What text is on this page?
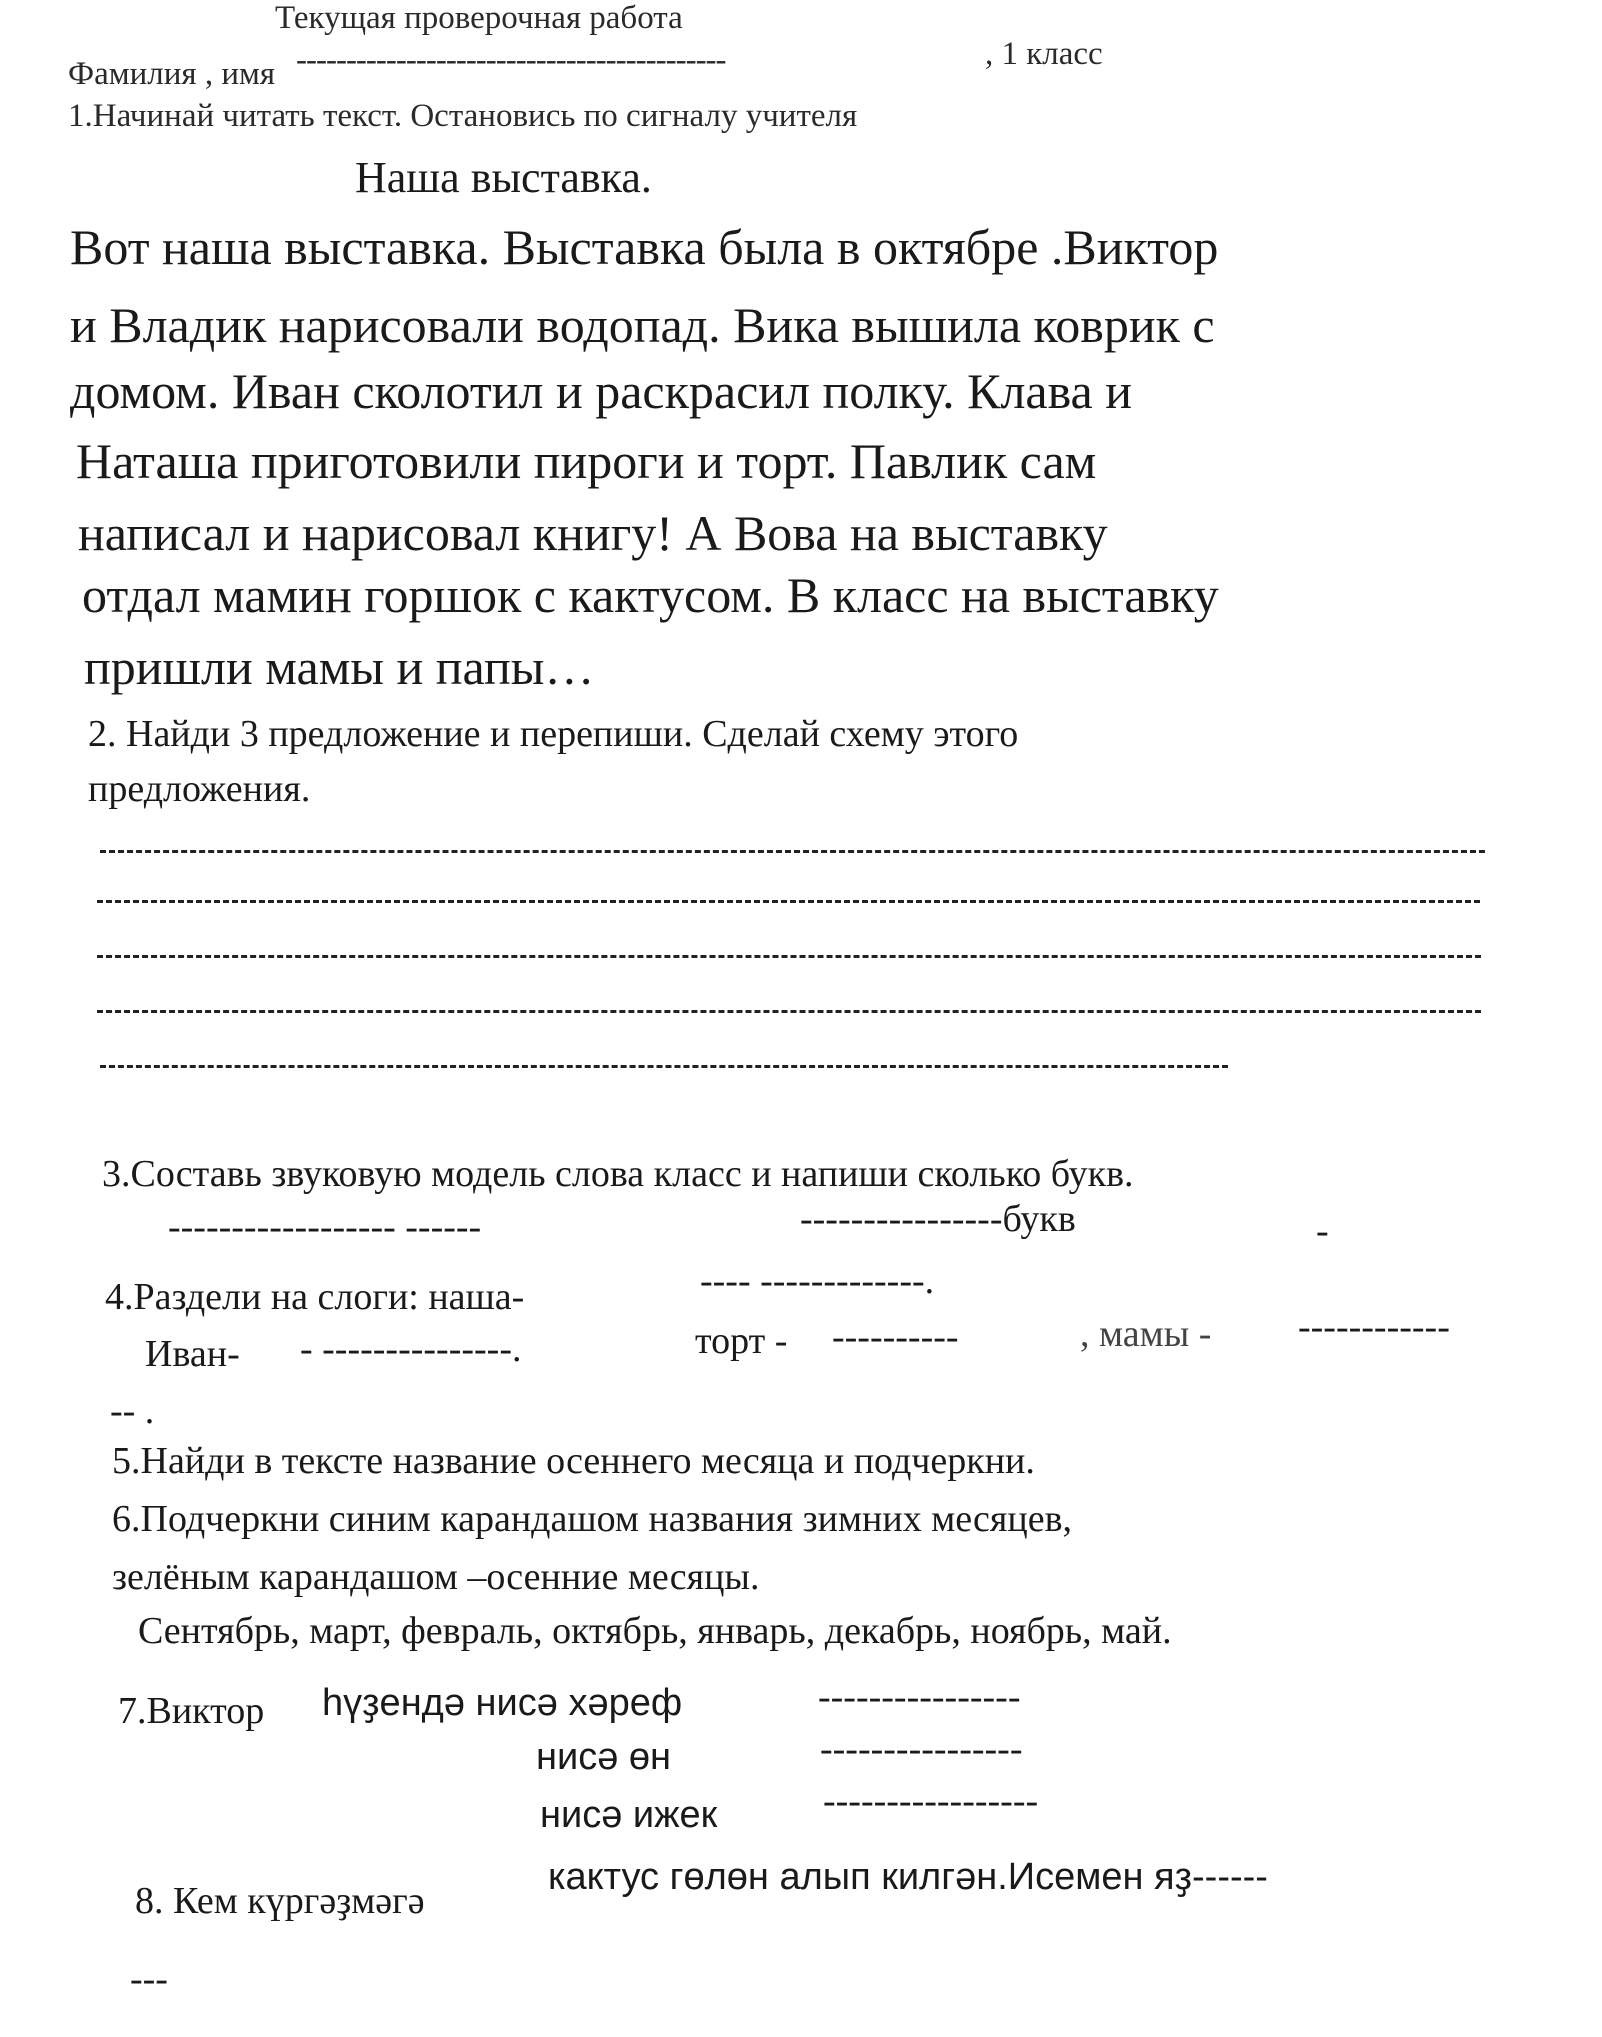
Текущая проверочная работа
Фамилия , имя -------------------------------------------	, 1 класс
1.Начинай читать текст. Остановись по сигналу учителя
Наша выставка.
Вот наша выставка. Выставка была в октябре .Виктор
и Владик нарисовали водопад. Вика вышила коврик с
домом. Иван сколотил и раскрасил полку. Клава и
Наташа приготовили пироги и торт. Павлик сам
написал и нарисовал книгу! А Вова на выставку
отдал мамин горшок с кактусом. В класс на выставку
пришли мамы и папы…
2. Найди 3 предложение и перепиши. Сделай схему этого
предложения.
3.Составь звуковую модель слова класс и напиши сколько букв.
------------------ ------	----------------букв	-
4.Раздели на слоги: наша-	---- -------------.
Иван- - ---------------.	торт - ----------	, мамы - ------------
-- .
5.Найди в тексте название осеннего месяца и подчеркни.
6.Подчеркни синим карандашом названия зимних месяцев,
зелёным карандашом –осенние месяцы.
Сентябрь, март, февраль, октябрь, январь, декабрь, ноябрь, май.
7.Виктор hүҙендә нисә хәреф	----------------
нисә өн	----------------
нисә ижек	-----------------
8. Кем күргәҙмәгә
кактус гөлөн алып килгән.Исемен яҙ------
---
